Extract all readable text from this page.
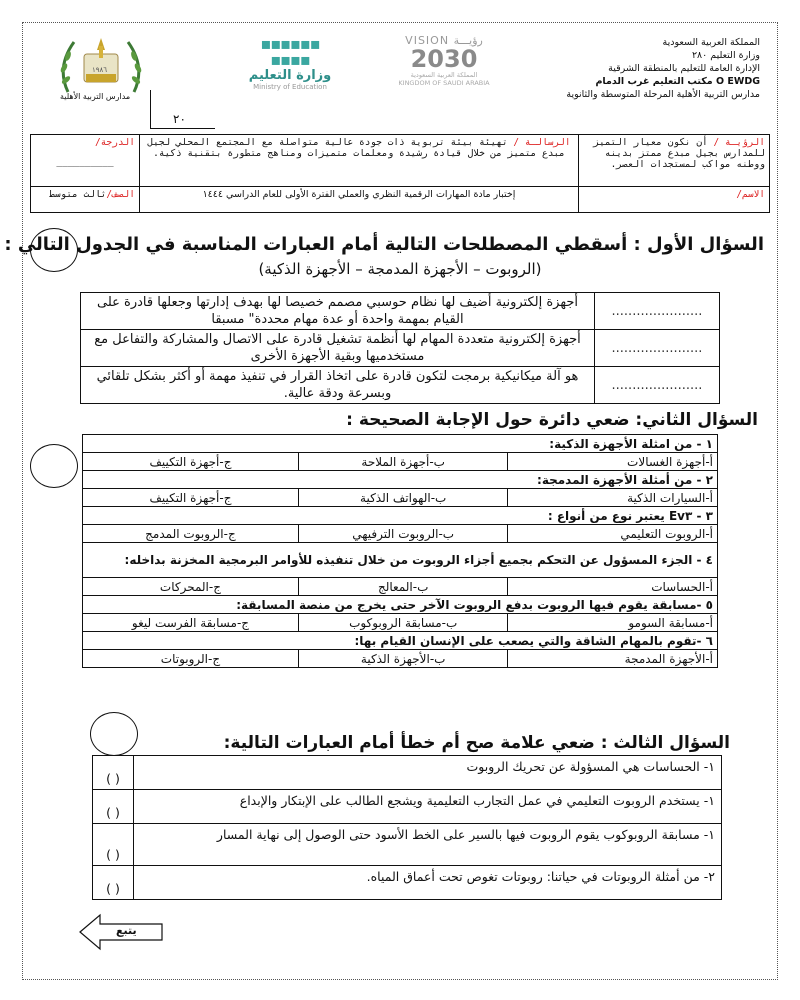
المملكة العربية السعودية
وزارة التعليم ٢٨٠
الإدارة العامة للتعليم بالمنطقة الشرقية
مكتب التعليم غرب الدمام O EWDG
مدارس التربية الأهلية المرحلة المتوسطة والثانوية
VISION رؤيـــة
2030
المملكة العربية السعودية KINGDOM OF SAUDI ARABIA
▪▪▪▪▪▪
▪▪▪▪
وزارة التعليم
Ministry of Education
١٩٨٦
مدارس التربية الأهلية
٢٠
الرؤيـة / أن نكون معيار التميز للمدارس بجيل مبدع ممتز بدينه ووطنه مواكب لمستجدات العصر.	الرسالـة / تهيئة بيئة تربوية ذات جودة عالية متواصلة مع المجتمع المحلي لجيل مبدع متميز من خلال قيادة رشيدة ومعلمات متميزات ومناهج متطورة بتقنية ذكية.	الدرجة/
__________

الاسم/	إختبار مادة المهارات الرقمية النظري والعملي الفترة الأولى للعام الدراسي ١٤٤٤	الصف/ثالث متوسط
السؤال الأول : أسقطي المصطلحات التالية أمام العبارات المناسبة في الجدول التالي :
(الروبوت – الأجهزة المدمجة – الأجهزة الذكية)
......................	أجهزة إلكترونية أضيف لها نظام حوسبي مصمم خصيصا لها بهدف إدارتها وجعلها قادرة على القيام بمهمة واحدة أو عدة مهام محددة" مسبقا
......................	أجهزة إلكترونية متعددة المهام لها أنظمة تشغيل قادرة على الاتصال والمشاركة والتفاعل مع مستخدميها وبقية الأجهزة الأخرى
......................	هو آلة ميكانيكية برمجت لتكون قادرة على اتخاذ القرار في تنفيذ مهمة أو أكثر بشكل تلقائي وبسرعة ودقة عالية.
السؤال الثاني: ضعي دائرة حول الإجابة الصحيحة :
١ - من امثلة الأجهزة الذكية:		
أ-أجهزة الغسالات	ب-أجهزة الملاحة	ج-أجهزة التكييف
٢ - من أمثلة الأجهزة المدمجة:		
أ-السيارات الذكية	ب-الهواتف الذكية	ج-أجهزة التكييف
٣ - Ev٣ يعتبر نوع من أنواع :		
أ-الروبوت التعليمي	ب-الروبوت الترفيهي	ج-الروبوت المدمج
٤ - الجزء المسؤول عن التحكم بجميع أجزاء الروبوت من خلال تنفيذه للأوامر البرمجية المخزنة بداخله:		
أ-الحساسات	ب-المعالج	ج-المحركات
٥ -مسابقة يقوم فيها الروبوت بدفع الروبوت الآخر حتى يخرج من منصة المسابقة:		
أ-مسابقة السومو	ب-مسابقة الروبوكوب	ج-مسابقة الفرست ليغو
٦ -تقوم بالمهام الشاقة والتي يصعب على الإنسان القيام بها:		
أ-الأجهزة المدمجة	ب-الأجهزة الذكية	ج-الروبوتات
السؤال الثالث : ضعي علامة صح أم خطأ أمام العبارات التالية:
١- الحساسات هي المسؤولة عن تحريك الروبوت	( )
١- يستخدم الروبوت التعليمي في عمل التجارب التعليمية ويشجع الطالب على الإبتكار والإبداع	( )
١- مسابقة الروبوكوب يقوم الروبوت فيها بالسير على الخط الأسود حتى الوصول إلى نهاية المسار	( )
٢- من أمثلة الروبوتات في حياتنا: روبوتات تغوص تحت أعماق المياه.	( )
يتبع
